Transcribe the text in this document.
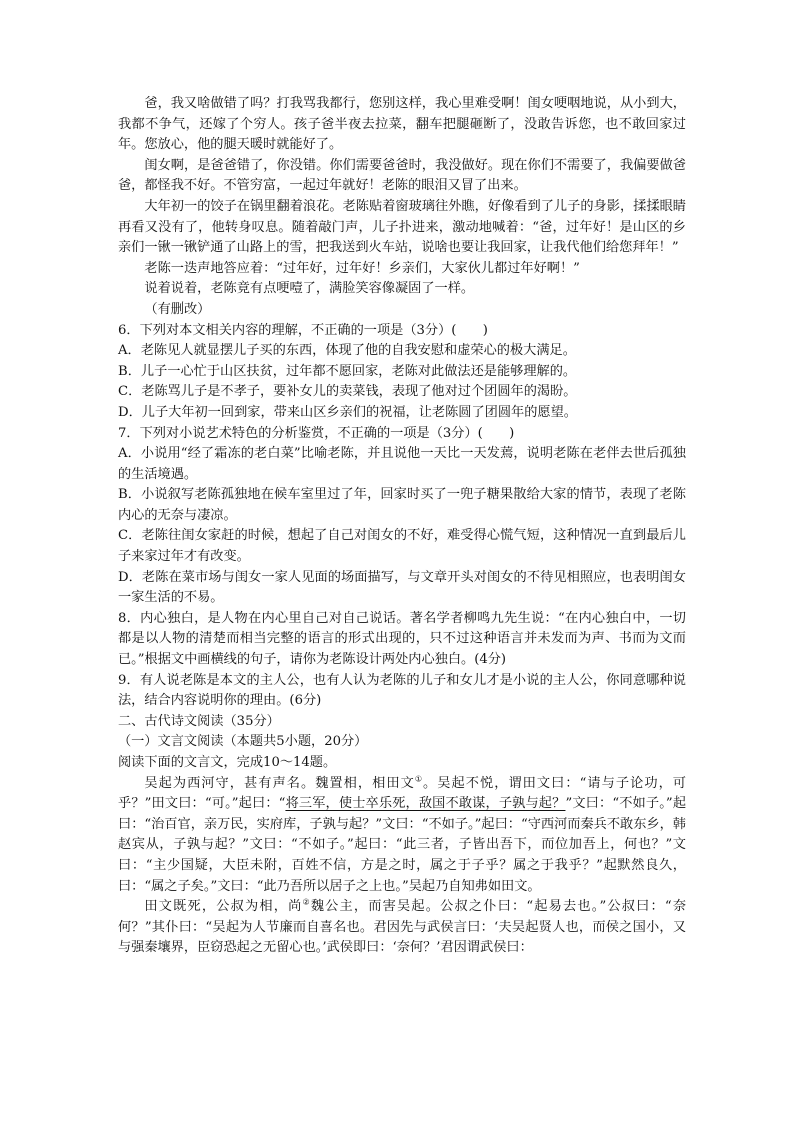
爸，我又啥做错了吗？打我骂我都行，您别这样，我心里难受啊！闺女哽咽地说，从小到大，我都不争气，还嫁了个穷人。孩子爸半夜去拉菜，翻车把腿砸断了，没敢告诉您，也不敢回家过年。您放心，他的腿天暖时就能好了。

闺女啊，是爸爸错了，你没错。你们需要爸爸时，我没做好。现在你们不需要了，我偏要做爸爸，都怪我不好。不管穷富，一起过年就好！老陈的眼泪又冒了出来。

大年初一的饺子在锅里翻着浪花。老陈贴着窗玻璃往外瞧，好像看到了儿子的身影，揉揉眼睛再看又没有了，他转身叹息。随着敲门声，儿子扑进来，激动地喊着：“爸，过年好！是山区的乡亲们一锹一锹铲通了山路上的雪，把我送到火车站，说啥也要让我回家，让我代他们给您拜年！”

老陈一迭声地答应着：“过年好，过年好！乡亲们，大家伙儿都过年好啊！”

说着说着，老陈竟有点哽噎了，满脸笑容像凝固了一样。

（有删改）

6．下列对本文相关内容的理解，不正确的一项是（3分）(　　)

A．老陈见人就显摆儿子买的东西，体现了他的自我安慰和虚荣心的极大满足。

B．儿子一心忙于山区扶贫，过年都不愿回家，老陈对此做法还是能够理解的。

C．老陈骂儿子是不孝子，要补女儿的卖菜钱，表现了他对过个团圆年的渴盼。

D．儿子大年初一回到家，带来山区乡亲们的祝福，让老陈圆了团圆年的愿望。

7．下列对小说艺术特色的分析鉴赏，不正确的一项是（3分）(　　)

A．小说用“经了霜冻的老白菜”比喻老陈，并且说他一天比一天发蔫，说明老陈在老伴去世后孤独的生活境遇。

B．小说叙写老陈孤独地在候车室里过了年，回家时买了一兜子糖果散给大家的情节，表现了老陈内心的无奈与凄凉。

C．老陈往闺女家赶的时候，想起了自己对闺女的不好，难受得心慌气短，这种情况一直到最后儿子来家过年才有改变。

D．老陈在菜市场与闺女一家人见面的场面描写，与文章开头对闺女的不待见相照应，也表明闺女一家生活的不易。

8．内心独白，是人物在内心里自己对自己说话。著名学者柳鸣九先生说：“在内心独白中，一切都是以人物的清楚而相当完整的语言的形式出现的，只不过这种语言并未发而为声、书而为文而已。”根据文中画横线的句子，请你为老陈设计两处内心独白。(4分)

9．有人说老陈是本文的主人公，也有人认为老陈的儿子和女儿才是小说的主人公，你同意哪种说法，结合内容说明你的理由。(6分)

二、古代诗文阅读（35分）

（一）文言文阅读（本题共5小题，20分）

阅读下面的文言文，完成10～14题。

吴起为西河守，甚有声名。魏置相，相田文①。吴起不悦，谓田文曰：“请与子论功，可乎？”田文曰：“可。”起曰：“将三军，使士卒乐死，敌国不敢谋，子孰与起？”文曰：“不如子。”起曰：“治百官，亲万民，实府库，子孰与起？”文曰：“不如子。”起曰：“守西河而秦兵不敢东乡，韩赵宾从，子孰与起？”文曰：“不如子。”起曰：“此三者，子皆出吾下，而位加吾上，何也？”文曰：“主少国疑，大臣未附，百姓不信，方是之时，属之于子乎？属之于我乎？”起默然良久，曰：“属之子矣。”文曰：“此乃吾所以居子之上也。”吴起乃自知弗如田文。

田文既死，公叔为相，尚②魏公主，而害吴起。公叔之仆曰：“起易去也。”公叔曰：“奈何？”其仆曰：“吴起为人节廉而自喜名也。君因先与武侯言曰：‘夫吴起贤人也，而侯之国小，又与强秦壤界，臣窃恐起之无留心也。’武侯即曰：‘奈何？’君因谓武侯曰：
